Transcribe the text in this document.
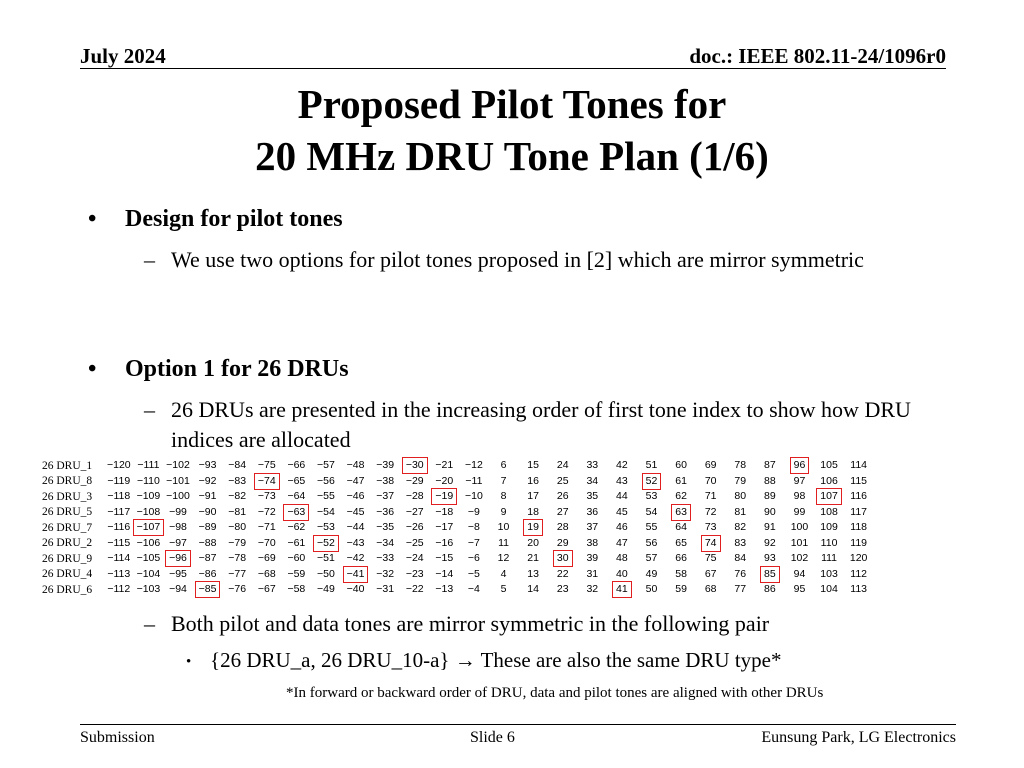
July 2024	doc.: IEEE 802.11-24/1096r0
Proposed Pilot Tones for
20 MHz DRU Tone Plan (1/6)
• Design for pilot tones
– We use two options for pilot tones proposed in [2] which are mirror symmetric
• Option 1 for 26 DRUs
– 26 DRUs are presented in the increasing order of first tone index to show how DRU indices are allocated
26 DRU_1	−120	−111	−102	−93	−84	−75	−66	−57	−48	−39	−30	−21	−12	6	15	24	33	42	51	60	69	78	87	96	105	114
26 DRU_8	−119	−110	−101	−92	−83	−74	−65	−56	−47	−38	−29	−20	−11	7	16	25	34	43	52	61	70	79	88	97	106	115
26 DRU_3	−118	−109	−100	−91	−82	−73	−64	−55	−46	−37	−28	−19	−10	8	17	26	35	44	53	62	71	80	89	98	107	116
26 DRU_5	−117	−108	−99	−90	−81	−72	−63	−54	−45	−36	−27	−18	−9	9	18	27	36	45	54	63	72	81	90	99	108	117
26 DRU_7	−116	−107	−98	−89	−80	−71	−62	−53	−44	−35	−26	−17	−8	10	19	28	37	46	55	64	73	82	91	100	109	118
26 DRU_2	−115	−106	−97	−88	−79	−70	−61	−52	−43	−34	−25	−16	−7	11	20	29	38	47	56	65	74	83	92	101	110	119
26 DRU_9	−114	−105	−96	−87	−78	−69	−60	−51	−42	−33	−24	−15	−6	12	21	30	39	48	57	66	75	84	93	102	111	120
26 DRU_4	−113	−104	−95	−86	−77	−68	−59	−50	−41	−32	−23	−14	−5	4	13	22	31	40	49	58	67	76	85	94	103	112
26 DRU_6	−112	−103	−94	−85	−76	−67	−58	−49	−40	−31	−22	−13	−4	5	14	23	32	41	50	59	68	77	86	95	104	113
– Both pilot and data tones are mirror symmetric in the following pair
• {26 DRU_a, 26 DRU_10-a} → These are also the same DRU type*
*In forward or backward order of DRU, data and pilot tones are aligned with other DRUs
Submission	Slide 6	Eunsung Park, LG Electronics
